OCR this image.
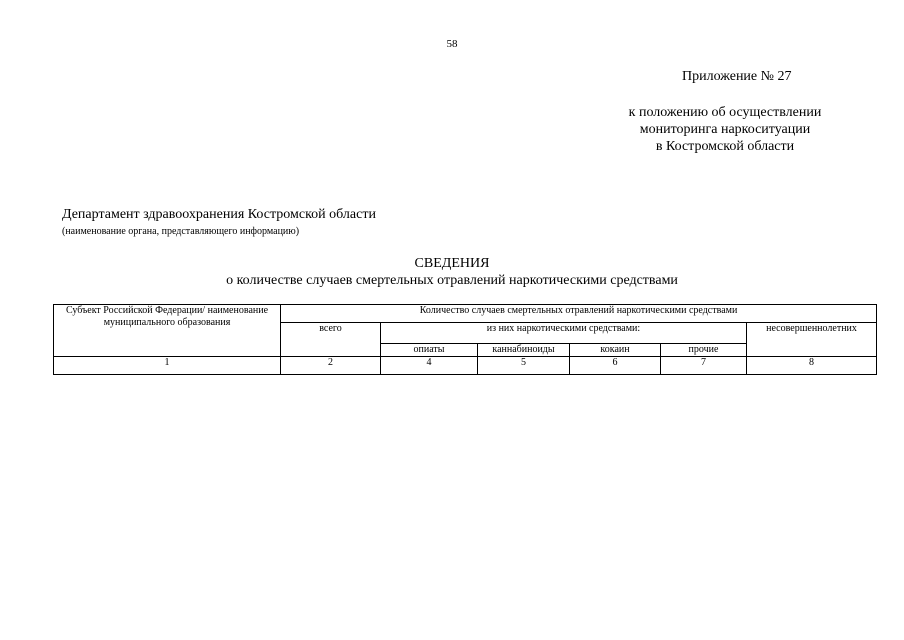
58
Приложение № 27
к положению об осуществлении
мониторинга наркоситуации
в Костромской области
Департамент здравоохранения Костромской области
(наименование органа, представляющего информацию)
СВЕДЕНИЯ
о количестве случаев смертельных отравлений наркотическими средствами
Субъект Российской Федерации/ наименование муниципального образования	Количество случаев смертельных отравлений наркотическими средствами					
	всего	из них наркотическими средствами:				несовершеннолетних
		опиаты	каннабиноиды	кокаин	прочие	
1	2	4	5	6	7	8
